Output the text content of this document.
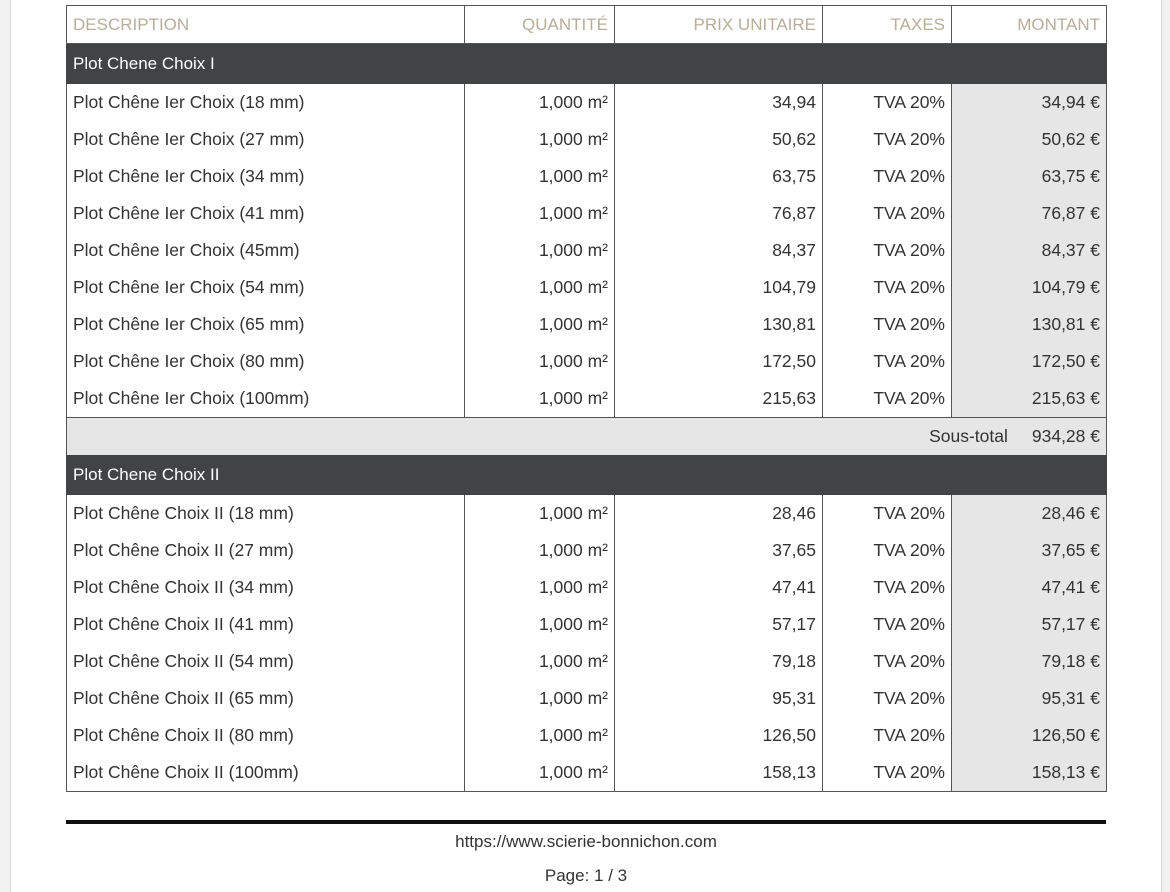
DESCRIPTION	QUANTITÉ	PRIX UNITAIRE	TAXES	MONTANT
Plot Chene Choix I				
Plot Chêne Ier Choix (18 mm)	1,000 m²	34,94	TVA 20%	34,94 €
Plot Chêne Ier Choix (27 mm)	1,000 m²	50,62	TVA 20%	50,62 €
Plot Chêne Ier Choix (34 mm)	1,000 m²	63,75	TVA 20%	63,75 €
Plot Chêne Ier Choix (41 mm)	1,000 m²	76,87	TVA 20%	76,87 €
Plot Chêne Ier Choix (45mm)	1,000 m²	84,37	TVA 20%	84,37 €
Plot Chêne Ier Choix (54 mm)	1,000 m²	104,79	TVA 20%	104,79 €
Plot Chêne Ier Choix (65 mm)	1,000 m²	130,81	TVA 20%	130,81 €
Plot Chêne Ier Choix (80 mm)	1,000 m²	172,50	TVA 20%	172,50 €
Plot Chêne Ier Choix (100mm)	1,000 m²	215,63	TVA 20%	215,63 €
Sous-total 934,28 €				
Plot Chene Choix II				
Plot Chêne Choix II (18 mm)	1,000 m²	28,46	TVA 20%	28,46 €
Plot Chêne Choix II (27 mm)	1,000 m²	37,65	TVA 20%	37,65 €
Plot Chêne Choix II (34 mm)	1,000 m²	47,41	TVA 20%	47,41 €
Plot Chêne Choix II (41 mm)	1,000 m²	57,17	TVA 20%	57,17 €
Plot Chêne Choix II (54 mm)	1,000 m²	79,18	TVA 20%	79,18 €
Plot Chêne Choix II (65 mm)	1,000 m²	95,31	TVA 20%	95,31 €
Plot Chêne Choix II (80 mm)	1,000 m²	126,50	TVA 20%	126,50 €
Plot Chêne Choix II (100mm)	1,000 m²	158,13	TVA 20%	158,13 €
https://www.scierie-bonnichon.com
Page: 1 / 3
